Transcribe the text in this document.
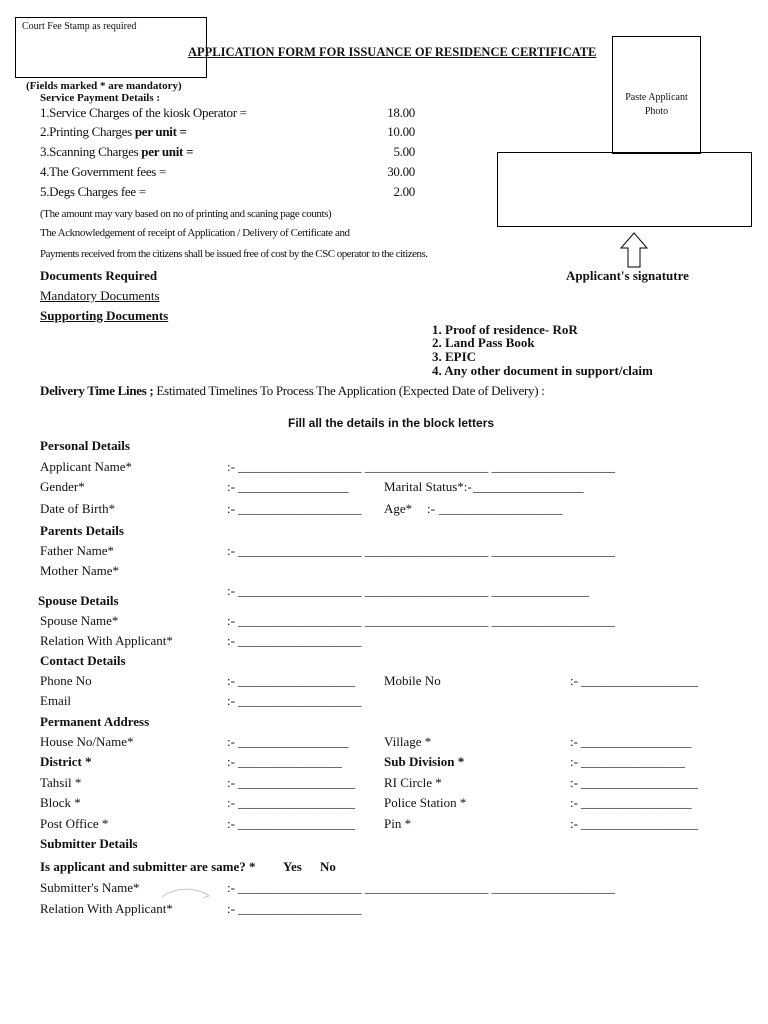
Court Fee Stamp as required
APPLICATION FORM FOR ISSUANCE OF RESIDENCE CERTIFICATE
Paste Applicant
Photo
Applicant's signatutre
(Fields marked * are mandatory)
Service Payment Details :
1.Service Charges of the kiosk Operator =	18.00
2.Printing Charges per unit =	10.00
3.Scanning Charges per unit =	5.00
4.The Government fees =	30.00
5.Degs Charges fee =	2.00
(The amount may vary based on no of printing and scaning page counts)
The Acknowledgement of receipt of Application / Delivery of Certificate and
Payments received from the citizens shall be issued free of cost by the CSC operator to the citizens.
Documents Required
Mandatory Documents
Supporting Documents
1. Proof of residence- RoR
2. Land Pass Book
3. EPIC
4. Any other document in support/claim
Delivery Time Lines ; Estimated Timelines To Process The Application (Expected Date of Delivery) :
Fill all the details in the block letters
Personal Details
Applicant Name*	:- ___________________ ___________________ ___________________
Gender*	:- _________________	Marital Status*:- _________________
Date of Birth*	:- ___________________ Age* :- ___________________
Parents Details
Father Name*	:- ___________________ ___________________ ___________________
Mother Name*
:- ___________________ ___________________ _______________
Spouse Details
Spouse Name*	:- ___________________ ___________________ ___________________
Relation With Applicant*	:- ___________________
Contact Details
Phone No	:- __________________ Mobile No	:- __________________
Email	:- ___________________
Permanent Address
House No/Name*	:- _________________	Village *	:- _________________
District *	:- ________________	Sub Division *	:- ________________
Tahsil *	:- __________________ RI Circle *	:- __________________
Block *	:- __________________ Police Station *	:- _________________
Post Office *	:- __________________ Pin *	:- __________________
Submitter Details
Is applicant and submitter are same? * Yes No
Submitter's Name*	:- ___________________ ___________________ ___________________
Relation With Applicant*	:- ___________________
